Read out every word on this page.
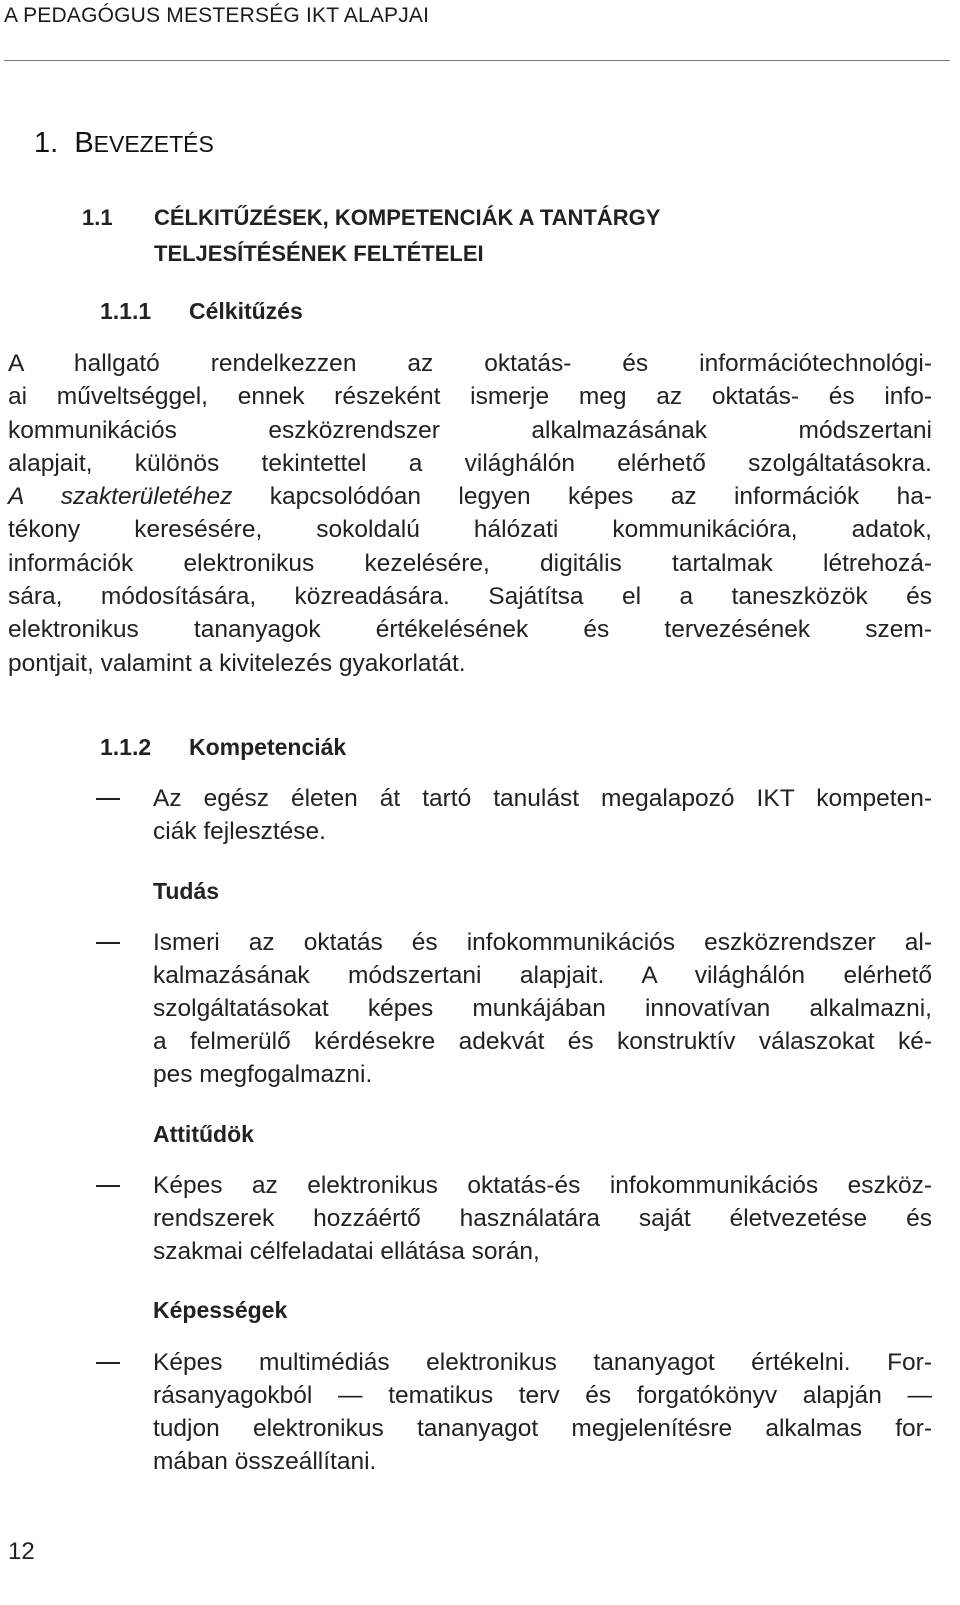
A PEDAGÓGUS MESTERSÉG IKT ALAPJAI
1. BEVEZETÉS
1.1 CÉLKITŰZÉSEK, KOMPETENCIÁK A TANTÁRGY
TELJESÍTÉSÉNEK FELTÉTELEI
1.1.1 Célkitűzés
A hallgató rendelkezzen az oktatás- és információtechnológi-
ai műveltséggel, ennek részeként ismerje meg az oktatás- és info-
kommunikációs eszközrendszer alkalmazásának módszertani
alapjait, különös tekintettel a világhálón elérhető szolgáltatásokra.
A szakterületéhez kapcsolódóan legyen képes az információk ha-
tékony keresésére, sokoldalú hálózati kommunikációra, adatok,
információk elektronikus kezelésére, digitális tartalmak létrehozá-
sára, módosítására, közreadására. Sajátítsa el a taneszközök és
elektronikus tananyagok értékelésének és tervezésének szem-
pontjait, valamint a kivitelezés gyakorlatát.
1.1.2 Kompetenciák
Az egész életen át tartó tanulást megalapozó IKT kompeten-
ciák fejlesztése.
Tudás
Ismeri az oktatás és infokommunikációs eszközrendszer al-
kalmazásának módszertani alapjait. A világhálón elérhető
szolgáltatásokat képes munkájában innovatívan alkalmazni,
a felmerülő kérdésekre adekvát és konstruktív válaszokat ké-
pes megfogalmazni.
Attitűdök
Képes az elektronikus oktatás-és infokommunikációs eszköz-
rendszerek hozzáértő használatára saját életvezetése és
szakmai célfeladatai ellátása során,
Képességek
Képes multimédiás elektronikus tananyagot értékelni. For-
rásanyagokból — tematikus terv és forgatókönyv alapján —
tudjon elektronikus tananyagot megjelenítésre alkalmas for-
mában összeállítani.
12
